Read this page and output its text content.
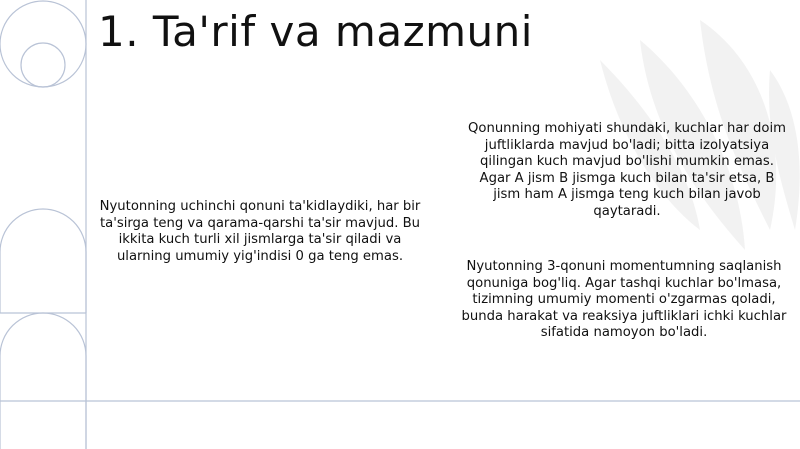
1. Ta'rif va mazmuni
Nyutonning uchinchi qonuni ta'kidlaydiki, har bir ta'sirga teng va qarama-qarshi ta'sir mavjud. Bu ikkita kuch turli xil jismlarga ta'sir qiladi va ularning umumiy yig'indisi 0 ga teng emas.
Qonunning mohiyati shundaki, kuchlar har doim juftliklarda mavjud bo'ladi; bitta izolyatsiya qilingan kuch mavjud bo'lishi mumkin emas. Agar A jism B jismga kuch bilan ta'sir etsa, B jism ham A jismga teng kuch bilan javob qaytaradi.
Nyutonning 3-qonuni momentumning saqlanish qonuniga bog'liq. Agar tashqi kuchlar bo'lmasa, tizimning umumiy momenti o'zgarmas qoladi, bunda harakat va reaksiya juftliklari ichki kuchlar sifatida namoyon bo'ladi.
